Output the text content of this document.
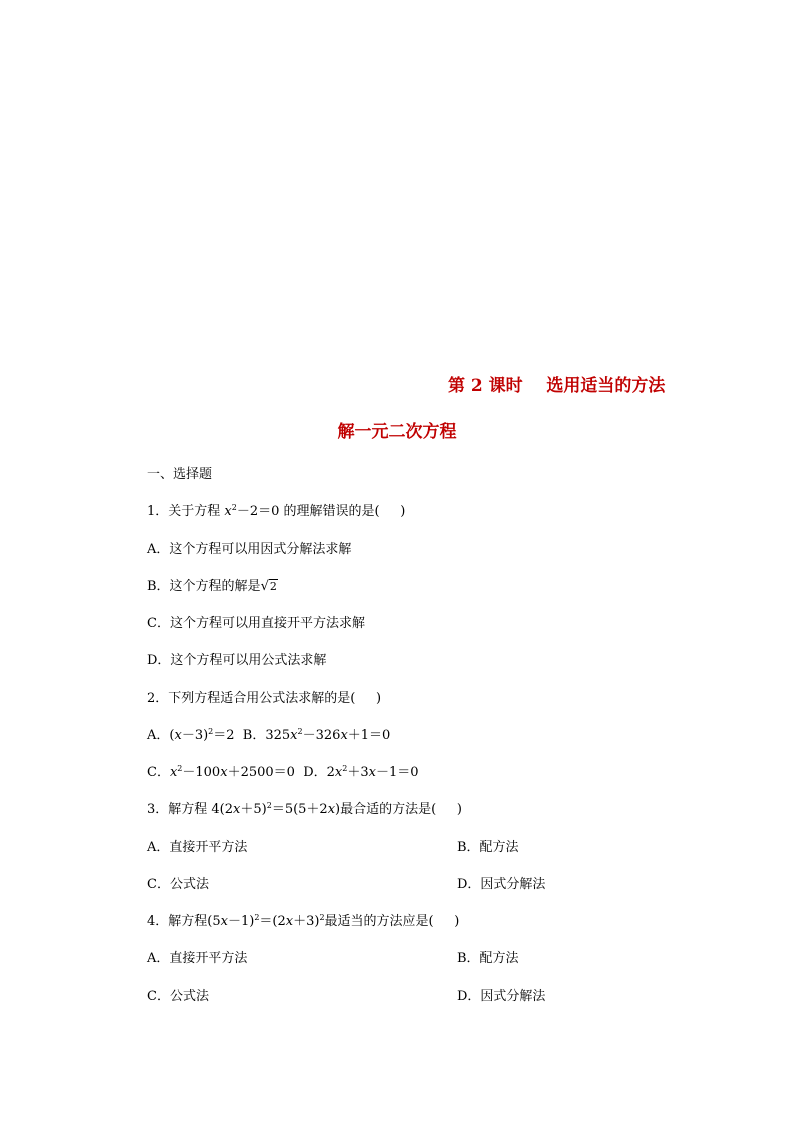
第 2 课时    选用适当的方法
解一元二次方程
一、选择题
1．关于方程 $x^2-2=0$ 的理解错误的是(     )
A．这个方程可以用因式分解法求解
B．这个方程的解是√2
C．这个方程可以用直接开平方法求解
D．这个方程可以用公式法求解
2．下列方程适合用公式法求解的是(     )
A．$(x-3)^2=2$ B．$325x^2-326x+1=0$
C．$x^2-100x+2500=0$ D．$2x^2+3x-1=0$
3．解方程 $4(2x+5)^2=5(5+2x)$最合适的方法是(     )
A．直接开平方法	B．配方法
C．公式法	D．因式分解法
4．解方程$(5x-1)^2=(2x+3)^2$最适当的方法应是(     )
A．直接开平方法	B．配方法
C．公式法	D．因式分解法
